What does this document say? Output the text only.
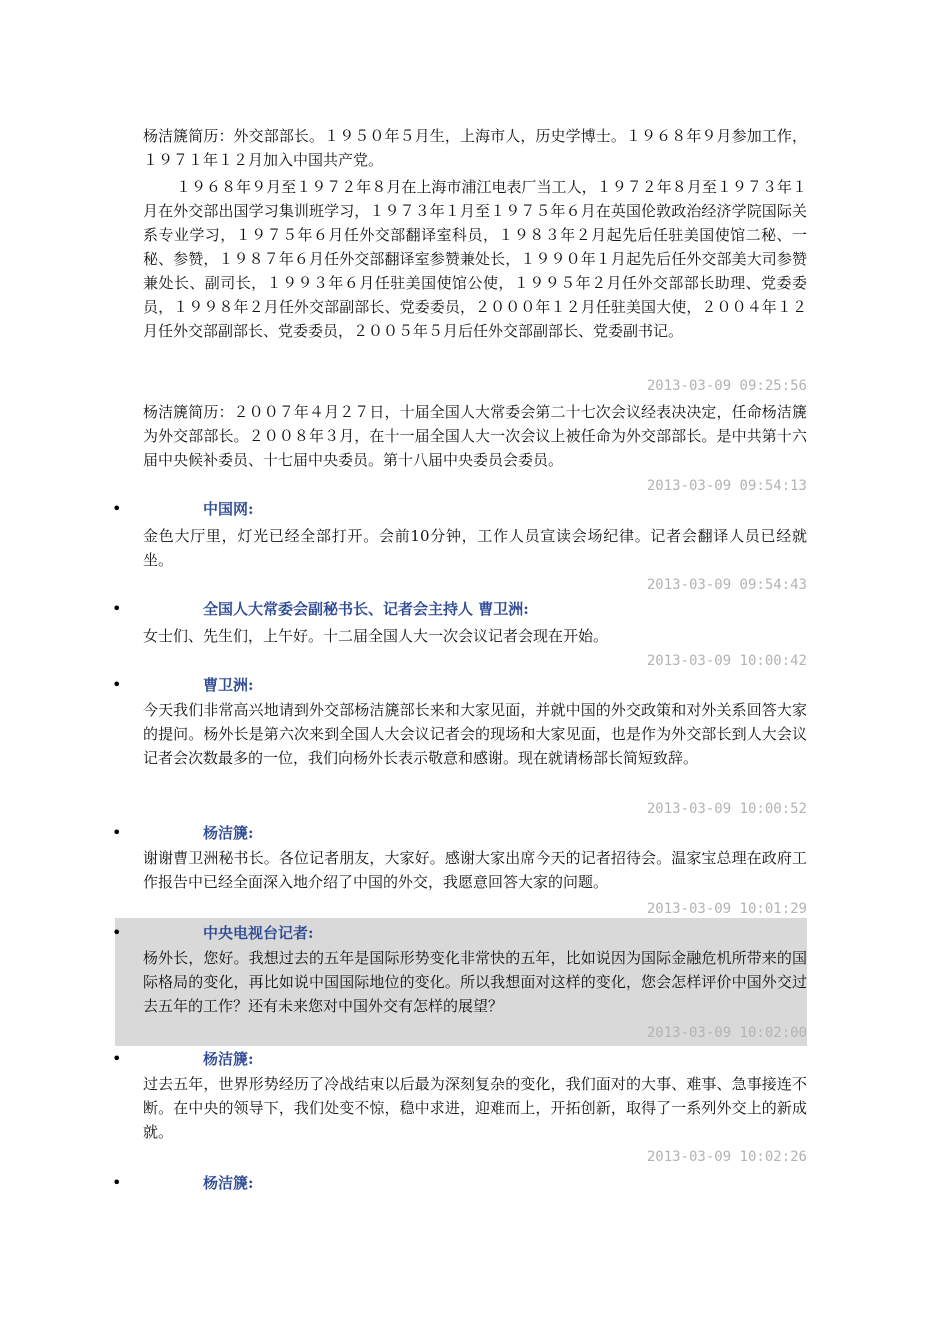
杨洁篪简历：外交部部长。１９５０年５月生，上海市人，历史学博士。１９６８年９月参加工作，１９７１年１２月加入中国共产党。

１９６８年９月至１９７２年８月在上海市浦江电表厂当工人，１９７２年８月至１９７３年１月在外交部出国学习集训班学习，１９７３年１月至１９７５年６月在英国伦敦政治经济学院国际关系专业学习，１９７５年６月任外交部翻译室科员，１９８３年２月起先后任驻美国使馆二秘、一秘、参赞，１９８７年６月任外交部翻译室参赞兼处长，１９９０年１月起先后任外交部美大司参赞兼处长、副司长，１９９３年６月任驻美国使馆公使，１９９５年２月任外交部部长助理、党委委员，１９９８年２月任外交部副部长、党委委员，２０００年１２月任驻美国大使，２００４年１２月任外交部副部长、党委委员，２００５年５月后任外交部副部长、党委副书记。

2013-03-09 09:25:56

杨洁篪简历：２００７年４月２７日，十届全国人大常委会第二十七次会议经表决决定，任命杨洁篪为外交部部长。２００８年３月，在十一届全国人大一次会议上被任命为外交部部长。是中共第十六届中央候补委员、十七届中央委员。第十八届中央委员会委员。

2013-03-09 09:54:13
•	中国网:

金色大厅里，灯光已经全部打开。会前10分钟，工作人员宣读会场纪律。记者会翻译人员已经就坐。

2013-03-09 09:54:43
•	全国人大常委会副秘书长、记者会主持人 曹卫洲:

女士们、先生们，上午好。十二届全国人大一次会议记者会现在开始。

2013-03-09 10:00:42
•	曹卫洲:

今天我们非常高兴地请到外交部杨洁篪部长来和大家见面，并就中国的外交政策和对外关系回答大家的提问。杨外长是第六次来到全国人大会议记者会的现场和大家见面，也是作为外交部长到人大会议记者会次数最多的一位，我们向杨外长表示敬意和感谢。现在就请杨部长简短致辞。

2013-03-09 10:00:52
•	杨洁篪:

谢谢曹卫洲秘书长。各位记者朋友，大家好。感谢大家出席今天的记者招待会。温家宝总理在政府工作报告中已经全面深入地介绍了中国的外交，我愿意回答大家的问题。

2013-03-09 10:01:29
•	中央电视台记者:

杨外长，您好。我想过去的五年是国际形势变化非常快的五年，比如说因为国际金融危机所带来的国际格局的变化，再比如说中国国际地位的变化。所以我想面对这样的变化，您会怎样评价中国外交过去五年的工作？还有未来您对中国外交有怎样的展望？

2013-03-09 10:02:00
•	杨洁篪:

过去五年，世界形势经历了冷战结束以后最为深刻复杂的变化，我们面对的大事、难事、急事接连不断。在中央的领导下，我们处变不惊，稳中求进，迎难而上，开拓创新，取得了一系列外交上的新成就。

2013-03-09 10:02:26
•	杨洁篪:
